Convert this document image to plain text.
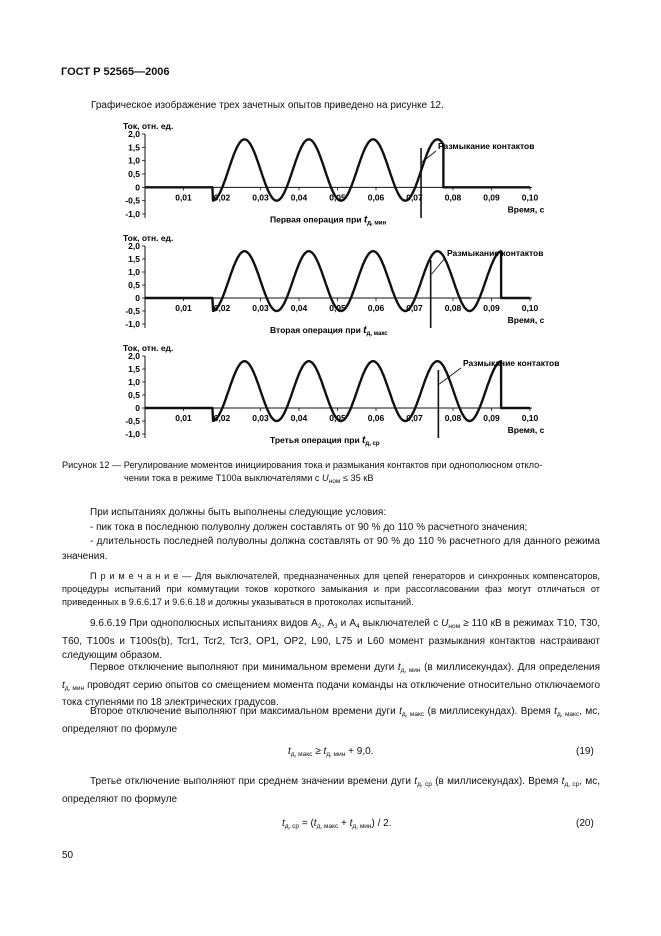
ГОСТ Р 52565—2006
Графическое изображение трех зачетных опытов приведено на рисунке 12.
Ток, отн. ед.
2,0
1,5
1,0
0,5
0
-0,5
-1,0
0,01	0,02	0,03	0,04	0,05	0,06	0,07	0,08	0,09	0,10
Время, с
Размыкание контактов
Первая операция при $t_{д, мин}$
Ток, отн. ед.
2,0
1,5
1,0
0,5
0
-0,5
-1,0
0,01	0,02	0,03	0,04	0,05	0,06	0,07	0,08	0,09	0,10
Время, с
Размыкание контактов
Вторая операция при $t_{д, макс}$
Ток, отн. ед.
2,0
1,5
1,0
0,5
0
-0,5
-1,0
0,01	0,02	0,03	0,04	0,05	0,06	0,07	0,08	0,09	0,10
Время, с
Размыкание контактов
Третья операция при $t_{д, ср}$
Рисунок 12 — Регулирование моментов инициирования тока и размыкания контактов при однополюсном откло-
чении тока в режиме Т100а выключателями с $U_{ном} \le 35$ кВ
При испытаниях должны быть выполнены следующие условия:
- пик тока в последнюю полуволну должен составлять от 90 % до 110 % расчетного значения;
- длительность последней полуволны должна составлять от 90 % до 110 % расчетного для данного режима значения.
П р и м е ч а н и е — Для выключателей, предназначенных для цепей генераторов и синхронных компенсаторов, процедуры испытаний при коммутации токов короткого замыкания и при рассогласовании фаз могут отличаться от приведенных в 9.6.6.17 и 9.6.6.18 и должны указываться в протоколах испытаний.
9.6.6.19 При однополюсных испытаниях видов $А_2$, $А_3$ и $А_4$ выключателей с $U_{ном} \ge 110$ кВ в режимах Т10, Т30, Т60, Т100s и Т100s(b), Tcr1, Tcr2, Tcr3, OP1, OP2, L90, L75 и L60 момент размыкания контактов настраивают следующим образом.
Первое отключение выполняют при минимальном времени дуги $t_{д, мин}$ (в миллисекундах). Для определения $t_{д, мин}$ проводят серию опытов со смещением момента подачи команды на отключение относительно отключаемого тока ступенями по 18 электрических градусов.
Второе отключение выполняют при максимальном времени дуги $t_{д, макс}$ (в миллисекундах). Время $t_{д, макс}$, мс, определяют по формуле
$t_{д, макс} \ge t_{д, мин} + 9,0$.	(19)
Третье отключение выполняют при среднем значении времени дуги $t_{д, ср}$ (в миллисекундах). Время $t_{д, ср}$, мс, определяют по формуле
$t_{д, ср} = (t_{д, макс} + t_{д, мин}) / 2$.	(20)
50
